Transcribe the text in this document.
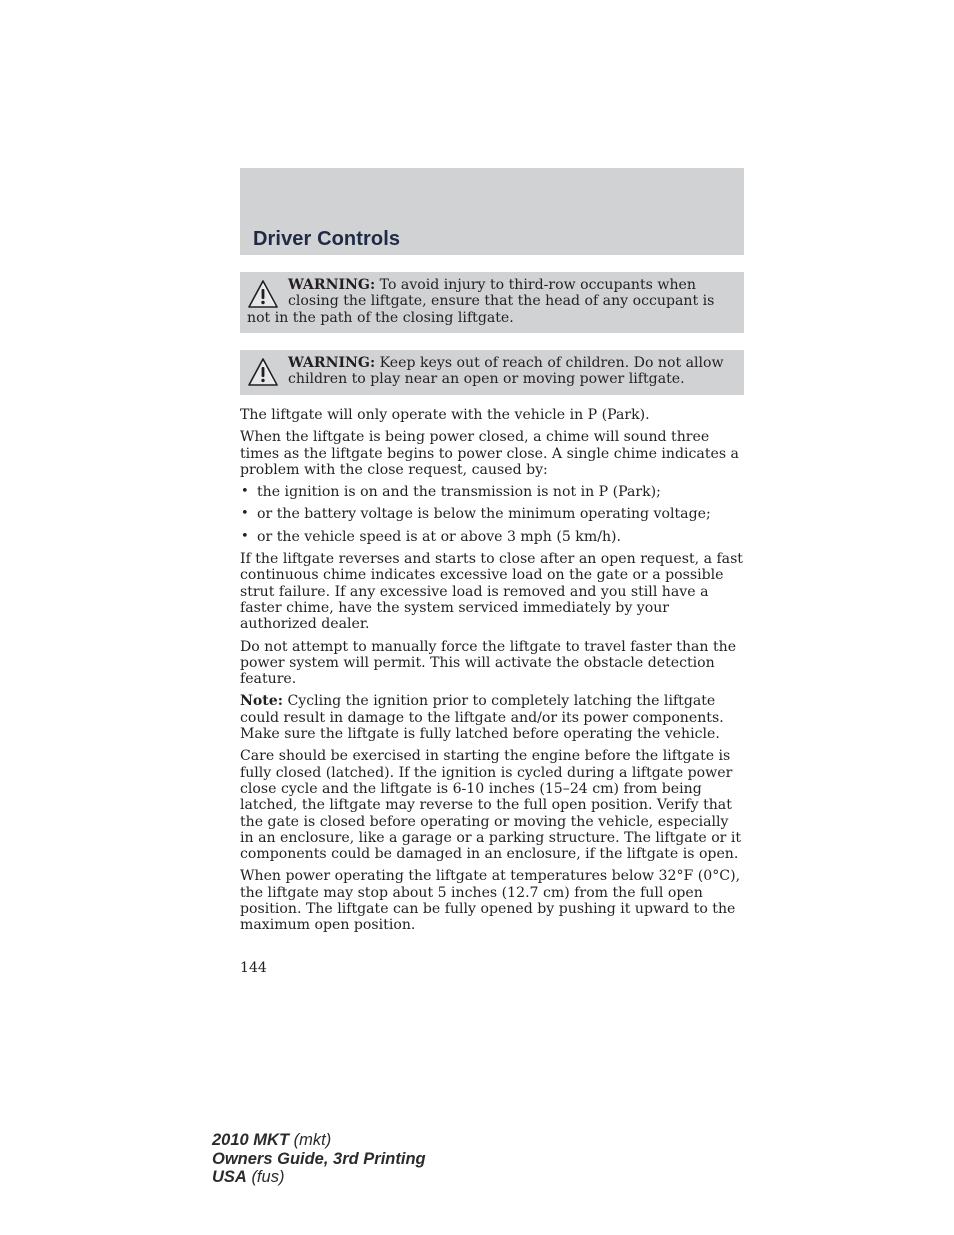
Driver Controls
WARNING: To avoid injury to third-row occupants when closing the liftgate, ensure that the head of any occupant is not in the path of the closing liftgate.
WARNING: Keep keys out of reach of children. Do not allow children to play near an open or moving power liftgate.

The liftgate will only operate with the vehicle in P (Park).

When the liftgate is being power closed, a chime will sound three times as the liftgate begins to power close. A single chime indicates a problem with the close request, caused by:

• the ignition is on and the transmission is not in P (Park);
• or the battery voltage is below the minimum operating voltage;
• or the vehicle speed is at or above 3 mph (5 km/h).

If the liftgate reverses and starts to close after an open request, a fast continuous chime indicates excessive load on the gate or a possible strut failure. If any excessive load is removed and you still have a faster chime, have the system serviced immediately by your authorized dealer.

Do not attempt to manually force the liftgate to travel faster than the power system will permit. This will activate the obstacle detection feature.

Note: Cycling the ignition prior to completely latching the liftgate could result in damage to the liftgate and/or its power components. Make sure the liftgate is fully latched before operating the vehicle.

Care should be exercised in starting the engine before the liftgate is fully closed (latched). If the ignition is cycled during a liftgate power close cycle and the liftgate is 6-10 inches (15–24 cm) from being latched, the liftgate may reverse to the full open position. Verify that the gate is closed before operating or moving the vehicle, especially in an enclosure, like a garage or a parking structure. The liftgate or it components could be damaged in an enclosure, if the liftgate is open.

When power operating the liftgate at temperatures below 32°F (0°C), the liftgate may stop about 5 inches (12.7 cm) from the full open position. The liftgate can be fully opened by pushing it upward to the maximum open position.

144
2010 MKT (mkt)
Owners Guide, 3rd Printing
USA (fus)
